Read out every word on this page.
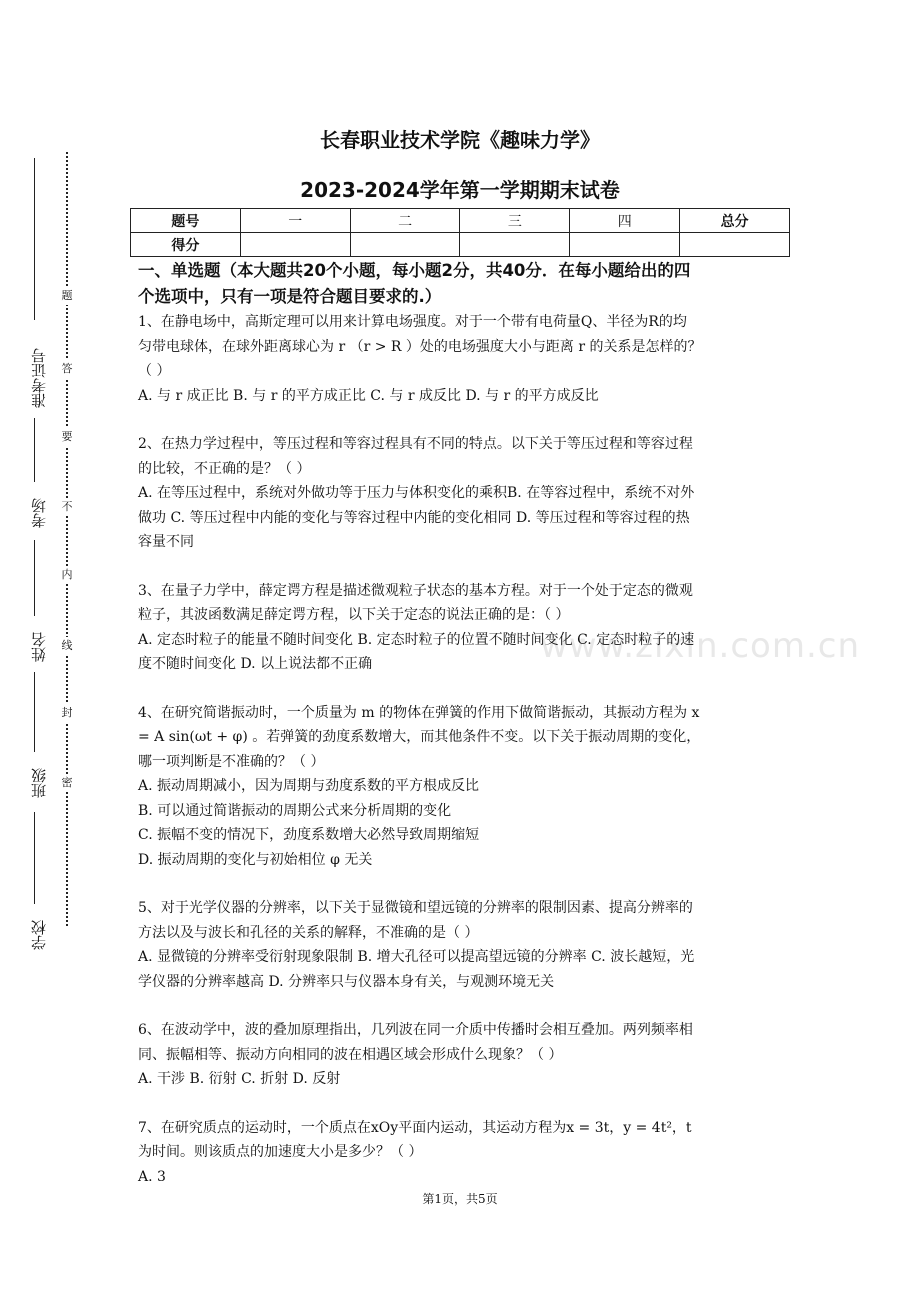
题
答
要
不
内
线
封
密
准考证号
考场
姓名
班级
学校
www.zixin.com.cn
长春职业技术学院《趣味力学》
2023-2024学年第一学期期末试卷
题号	一	二	三	四	总分
得分					
一、单选题（本大题共20个小题，每小题2分，共40分．在每小题给出的四
个选项中，只有一项是符合题目要求的.）

1、在静电场中，高斯定理可以用来计算电场强度。对于一个带有电荷量Q、半径为R的均

匀带电球体，在球外距离球心为 r （r > R ）处的电场强度大小与距离 r 的关系是怎样的？

（ ）

A. 与 r 成正比 B. 与 r 的平方成正比 C. 与 r 成反比 D. 与 r 的平方成反比

2、在热力学过程中，等压过程和等容过程具有不同的特点。以下关于等压过程和等容过程

的比较，不正确的是？（ ）

A. 在等压过程中，系统对外做功等于压力与体积变化的乘积B. 在等容过程中，系统不对外

做功 C. 等压过程中内能的变化与等容过程中内能的变化相同 D. 等压过程和等容过程的热

容量不同

3、在量子力学中，薛定谔方程是描述微观粒子状态的基本方程。对于一个处于定态的微观

粒子，其波函数满足薛定谔方程，以下关于定态的说法正确的是：（ ）

A. 定态时粒子的能量不随时间变化 B. 定态时粒子的位置不随时间变化 C. 定态时粒子的速

度不随时间变化 D. 以上说法都不正确

4、在研究简谐振动时，一个质量为 m 的物体在弹簧的作用下做简谐振动，其振动方程为 x

= A sin(ωt + φ) 。若弹簧的劲度系数增大，而其他条件不变。以下关于振动周期的变化，

哪一项判断是不准确的？（ ）

A. 振动周期减小，因为周期与劲度系数的平方根成反比

B. 可以通过简谐振动的周期公式来分析周期的变化

C. 振幅不变的情况下，劲度系数增大必然导致周期缩短

D. 振动周期的变化与初始相位 φ 无关

5、对于光学仪器的分辨率，以下关于显微镜和望远镜的分辨率的限制因素、提高分辨率的

方法以及与波长和孔径的关系的解释，不准确的是（ ）

A. 显微镜的分辨率受衍射现象限制 B. 增大孔径可以提高望远镜的分辨率 C. 波长越短，光

学仪器的分辨率越高 D. 分辨率只与仪器本身有关，与观测环境无关

6、在波动学中，波的叠加原理指出，几列波在同一介质中传播时会相互叠加。两列频率相

同、振幅相等、振动方向相同的波在相遇区域会形成什么现象？（ ）

A. 干涉 B. 衍射 C. 折射 D. 反射

7、在研究质点的运动时，一个质点在xOy平面内运动，其运动方程为x = 3t，y = 4t²，t

为时间。则该质点的加速度大小是多少？（ ）

A. 3

第1页，共5页
